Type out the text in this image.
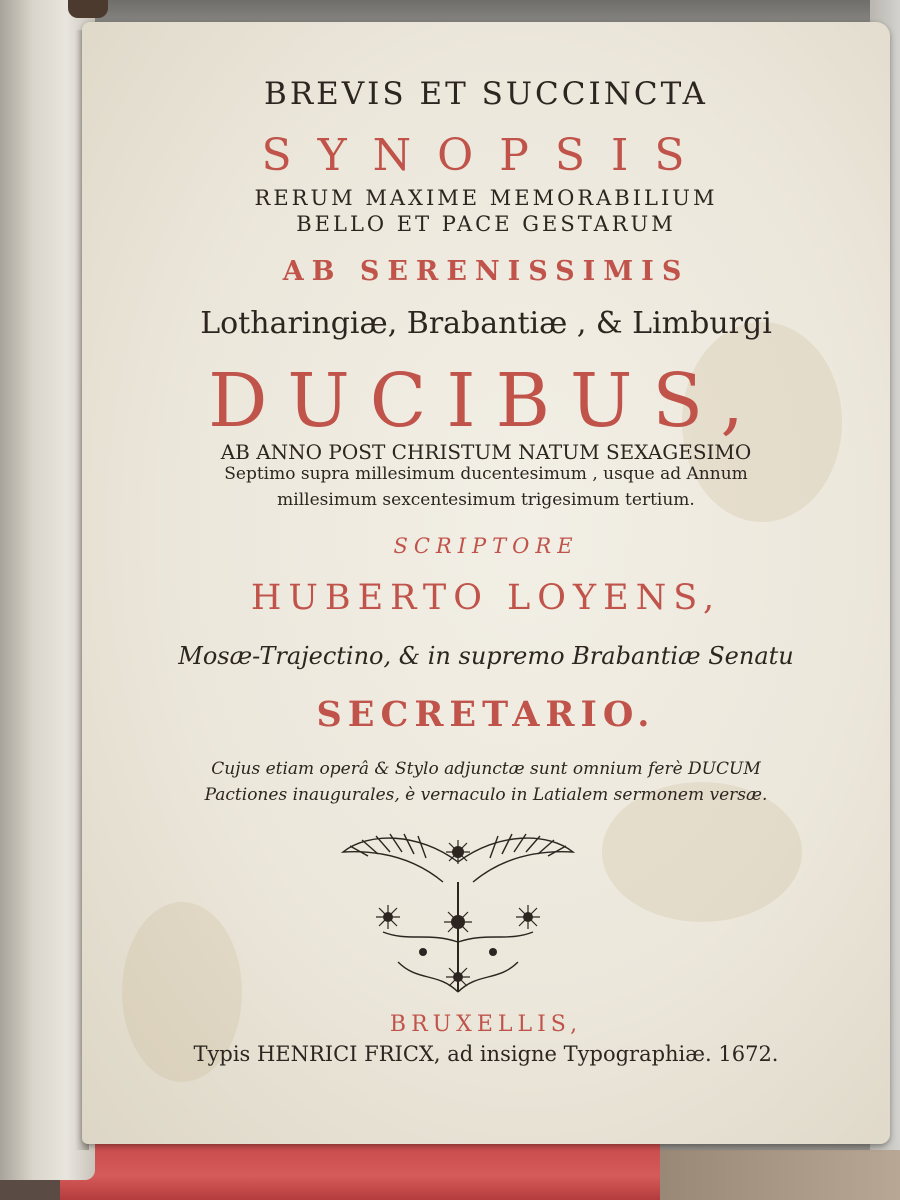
BREVIS ET SUCCINCTA
SYNOPSIS
RERUM MAXIME MEMORABILIUM
BELLO ET PACE GESTARUM
AB SERENISSIMIS
Lotharingiæ, Brabantiæ , & Limburgi
DUCIBUS,
AB ANNO POST CHRISTUM NATUM SEXAGESIMO
Septimo supra millesimum ducentesimum , usque ad Annum
millesimum sexcentesimum trigesimum tertium.
SCRIPTORE
HUBERTO LOYENS,
Mosæ-Trajectino, & in supremo Brabantiæ Senatu
SECRETARIO.
Cujus etiam operâ & Stylo adjunctæ sunt omnium ferè DUCUM
Pactiones inaugurales, è vernaculo in Latialem sermonem versæ.
BRUXELLIS,
Typis HENRICI FRICX, ad insigne Typographiæ. 1672.
